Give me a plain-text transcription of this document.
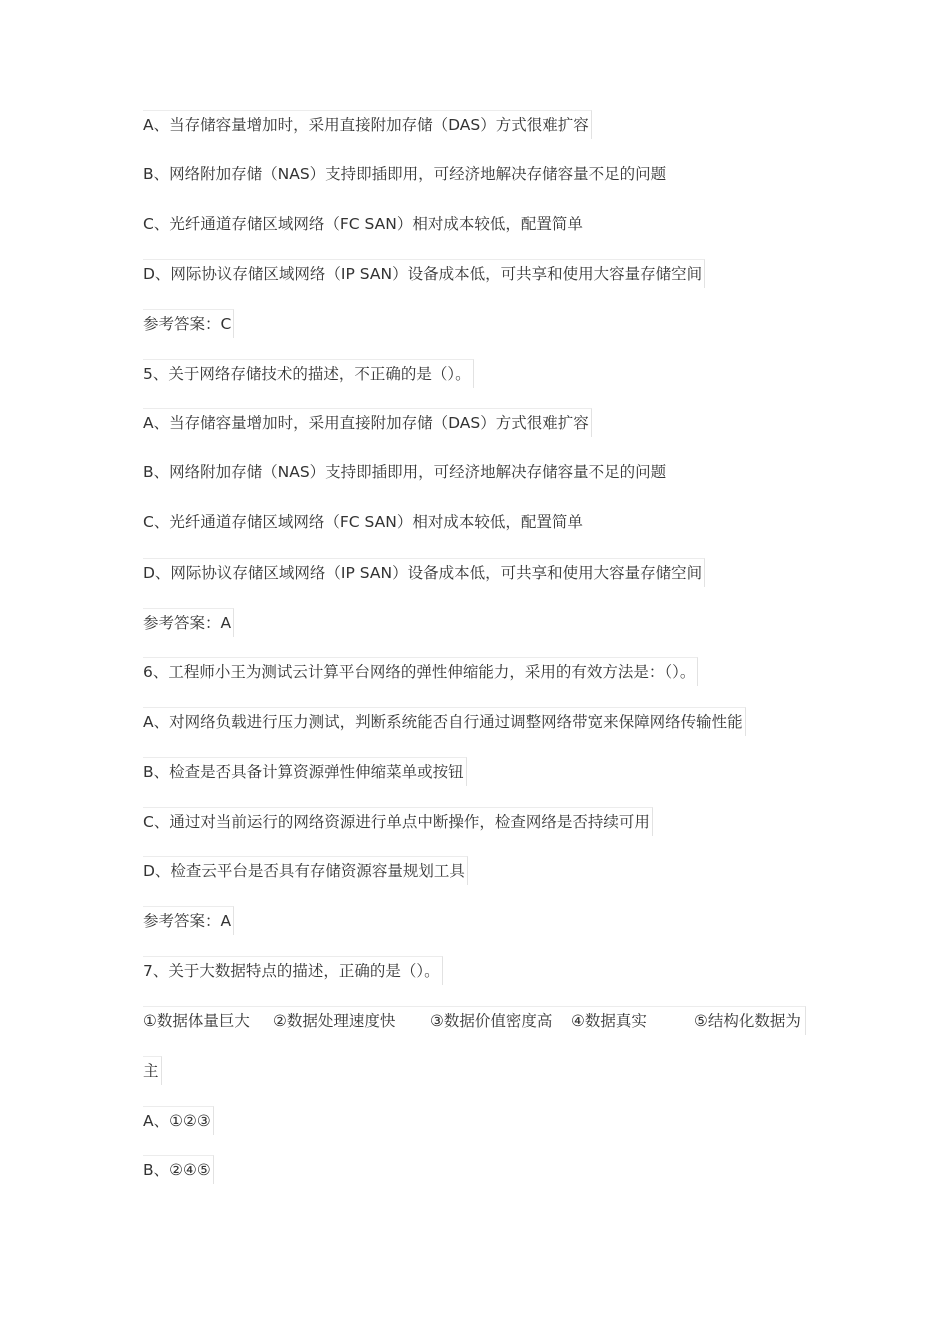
A、当存储容量增加时，采用直接附加存储（DAS）方式很难扩容
B、网络附加存储（NAS）支持即插即用，可经济地解决存储容量不足的问题
C、光纤通道存储区域网络（FC SAN）相对成本较低，配置简单
D、网际协议存储区域网络（IP SAN）设备成本低，可共享和使用大容量存储空间
参考答案：C
5、关于网络存储技术的描述，不正确的是（）。
A、当存储容量增加时，采用直接附加存储（DAS）方式很难扩容
B、网络附加存储（NAS）支持即插即用，可经济地解决存储容量不足的问题
C、光纤通道存储区域网络（FC SAN）相对成本较低，配置简单
D、网际协议存储区域网络（IP SAN）设备成本低，可共享和使用大容量存储空间
参考答案：A
6、工程师小王为测试云计算平台网络的弹性伸缩能力，采用的有效方法是：（）。
A、对网络负载进行压力测试，判断系统能否自行通过调整网络带宽来保障网络传输性能
B、检查是否具备计算资源弹性伸缩菜单或按钮
C、通过对当前运行的网络资源进行单点中断操作，检查网络是否持续可用
D、检查云平台是否具有存储资源容量规划工具
参考答案：A
7、关于大数据特点的描述，正确的是（）。
①数据体量巨大 ②数据处理速度快 ③数据价值密度高 ④数据真实	⑤结构化数据为
主
A、①②③
B、②④⑤
